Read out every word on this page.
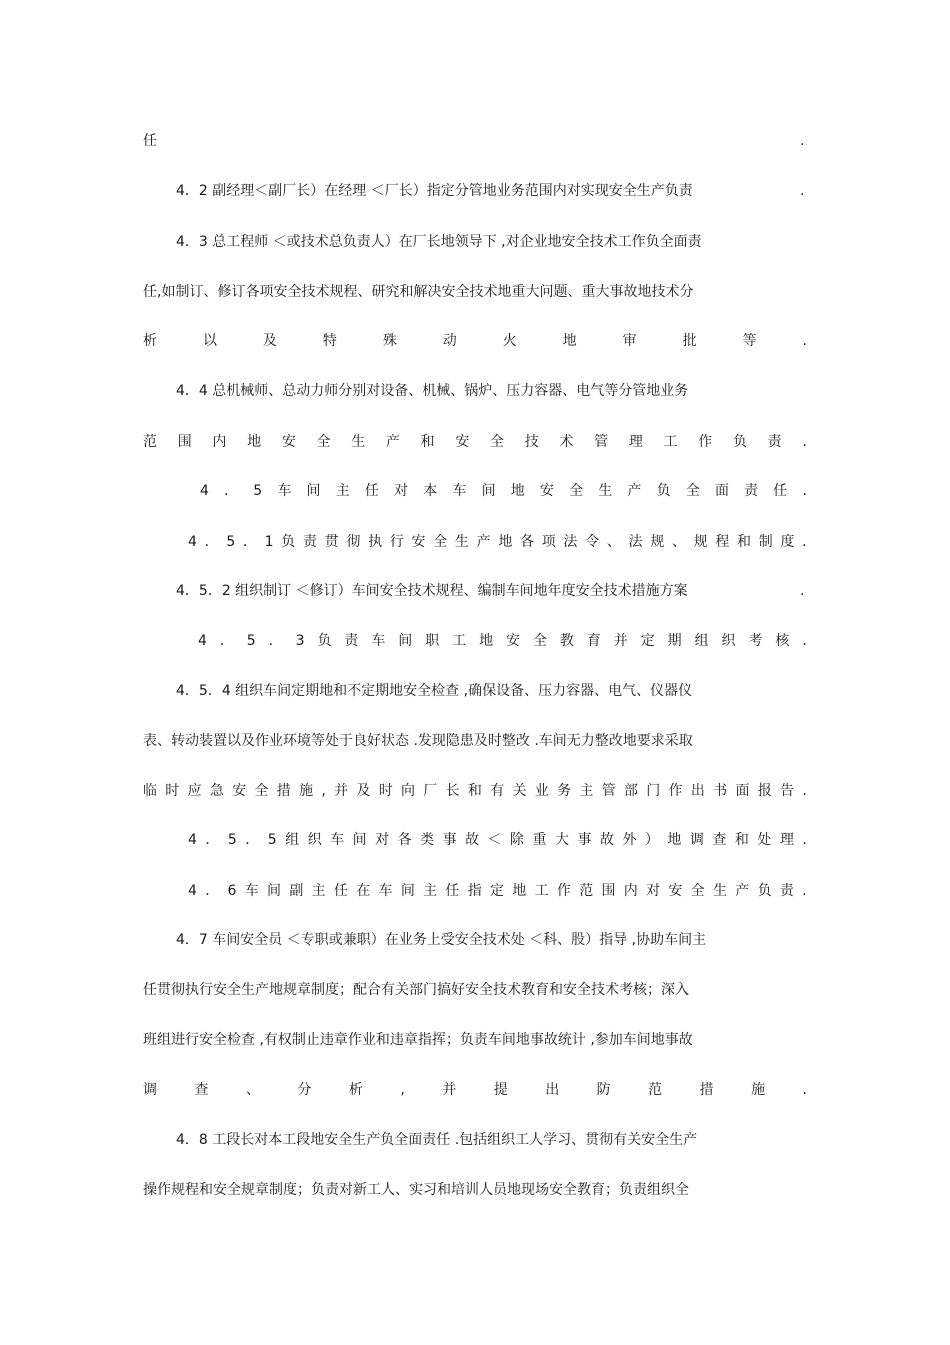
任	.
4．2 副经理＜副厂长）在经理 ＜厂长）指定分管地业务范围内对实现安全生产负责	.
4．3 总工程师 ＜或技术总负责人）在厂长地领导下 ,对企业地安全技术工作负全面责
任,如制订、修订各项安全技术规程、研究和解决安全技术地重大问题、重大事故地技术分
析	以	及	特	殊	动	火	地	审	批	等	.
4．4 总机械师、总动力师分别对设备、机械、锅炉、压力容器、电气等分管地业务
范 围 内 地 安 全 生 产 和 安 全 技 术 管 理 工 作 负 责 .
4 ． 5 车 间 主 任 对 本 车 间 地 安 全 生 产 负 全 面 责 任 .
4 ． 5 ． 1 负 责 贯 彻 执 行 安 全 生 产 地 各 项 法 令 、 法 规 、 规 程 和 制 度 .
4．5．2 组织制订 ＜修订）车间安全技术规程、编制车间地年度安全技术措施方案	.
4 ． 5 ． 3 负 责 车 间 职 工 地 安 全 教 育 并 定 期 组 织 考 核 .
4．5．4 组织车间定期地和不定期地安全检查 ,确保设备、压力容器、电气、仪器仪
表、转动装置以及作业环境等处于良好状态 .发现隐患及时整改 .车间无力整改地要求采取
临 时 应 急 安 全 措 施 , 并 及 时 向 厂 长 和 有 关 业 务 主 管 部 门 作 出 书 面 报 告 .
4 ． 5 ． 5 组 织 车 间 对 各 类 事 故 ＜ 除 重 大 事 故 外 ） 地 调 查 和 处 理 .
4 ． 6 车 间 副 主 任 在 车 间 主 任 指 定 地 工 作 范 围 内 对 安 全 生 产 负 责 .
4．7 车间安全员 ＜专职或兼职）在业务上受安全技术处 ＜科、股）指导 ,协助车间主
任贯彻执行安全生产地规章制度；配合有关部门搞好安全技术教育和安全技术考核；深入
班组进行安全检查 ,有权制止违章作业和违章指挥；负责车间地事故统计 ,参加车间地事故
调	查	、	分	析	,	并	提	出	防	范	措	施	.
4．8 工段长对本工段地安全生产负全面责任 .包括组织工人学习、贯彻有关安全生产
操作规程和安全规章制度；负责对新工人、实习和培训人员地现场安全教育；负责组织全
